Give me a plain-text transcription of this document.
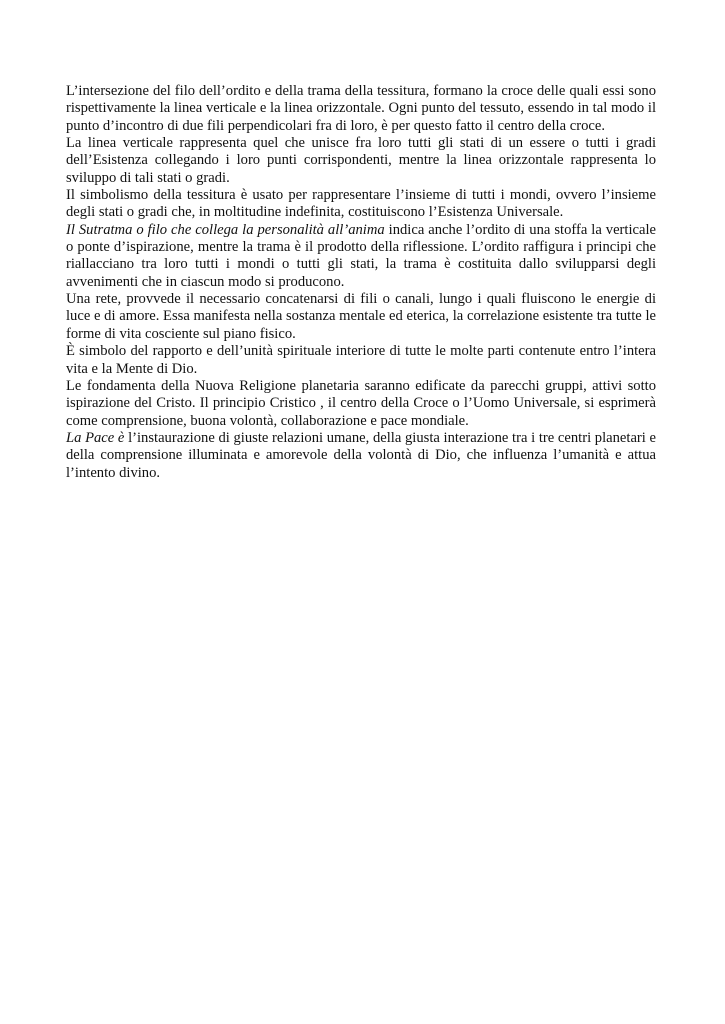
L’intersezione del filo dell’ordito e della trama della tessitura, formano la croce delle quali essi sono rispettivamente la linea verticale e la linea orizzontale. Ogni punto del tessuto, essendo in tal modo il punto d’incontro di due fili perpendicolari fra di loro, è per questo fatto il centro della croce.

La linea verticale rappresenta quel che unisce fra loro tutti gli stati di un essere o tutti i gradi dell’Esistenza collegando i loro punti corrispondenti, mentre la linea orizzontale rappresenta lo sviluppo di tali stati o gradi.

Il simbolismo della tessitura è usato per rappresentare l’insieme di tutti i mondi, ovvero l’insieme degli stati o gradi che, in moltitudine indefinita, costituiscono l’Esistenza Universale.

Il Sutratma o filo che collega la personalità all’anima indica anche l’ordito di una stoffa la verticale o ponte d’ispirazione, mentre la trama è il prodotto della riflessione. L’ordito raffigura i principi che riallacciano tra loro tutti i mondi o tutti gli stati, la trama è costituita dallo svilupparsi degli avvenimenti che in ciascun modo si producono.

Una rete, provvede il necessario concatenarsi di fili o canali, lungo i quali fluiscono le energie di luce e di amore. Essa manifesta nella sostanza mentale ed eterica, la correlazione esistente tra tutte le forme di vita cosciente sul piano fisico.

È simbolo del rapporto e dell’unità spirituale interiore di tutte le molte parti contenute entro l’intera vita e la Mente di Dio.

Le fondamenta della Nuova Religione planetaria saranno edificate da parecchi gruppi, attivi sotto ispirazione del Cristo. Il principio Cristico , il centro della Croce o l’Uomo Universale, si esprimerà come comprensione, buona volontà, collaborazione e pace mondiale.

La Pace è l’instaurazione di giuste relazioni umane, della giusta interazione tra i tre centri planetari e della comprensione illuminata e amorevole della volontà di Dio, che influenza l’umanità e attua l’intento divino.
